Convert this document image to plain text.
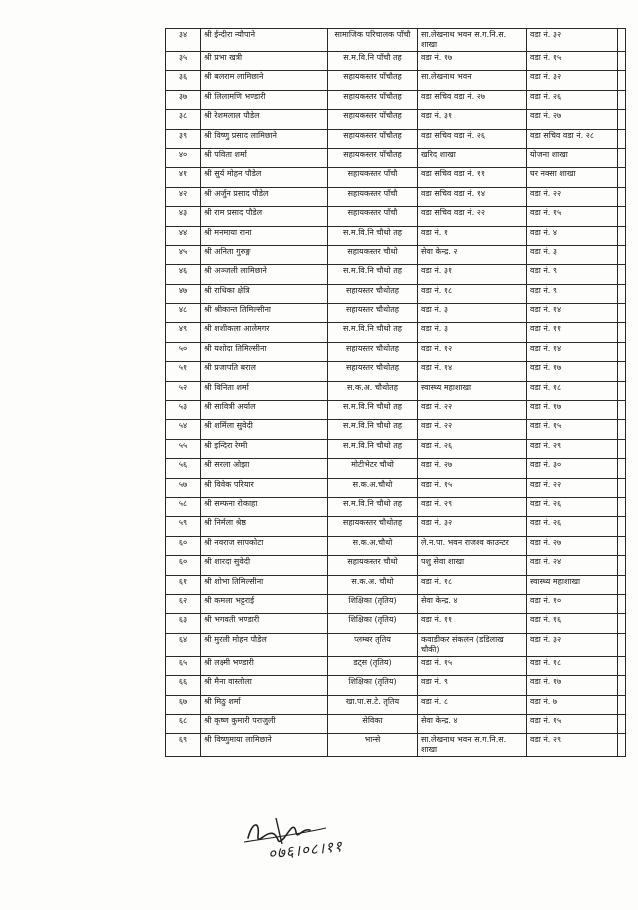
३४	श्री ईन्दीरा न्यौपाने	सामाजिक परिचालक पाँचौ	सा.लेखनाथ भवन स.ग.नि.स. शाखा	वडा नं. ३२	
३५	श्री प्रभा खत्री	स.म.वि.नि पाँचौ तह	वडा नं. १७	वडा नं. १५	
३६	श्री बलराम लामिछाने	सहायकस्तर पाँचौतह	सा.लेखनाथ भवन	वडा नं. ३२	
३७	श्री लिलामणि भण्डारी	सहायकस्तर पाँचौतह	वडा सचिव वडा नं. २७	वडा नं. २६	
३८	श्री रेशमलाल पौडेल	सहायकस्तर पाँचौतह	वडा नं. ३१	वडा नं. २७	
३९	श्री विष्णु प्रसाद लामिछाने	सहायकस्तर पाँचौतह	वडा सचिव वडा नं. २६	वडा सचिव वडा नं. २८	
४०	श्री पविता शर्मा	सहायकस्तर पाँचौतह	खरिद शाखा	योजना शाखा	
४१	श्री सुर्य मोहन पौडेल	सहायकस्तर पाँचौ	वडा सचिव वडा नं. ११	घर नक्सा शाखा	
४२	श्री अर्जुन प्रसाद पौडेल	सहायकस्तर पाँचौ	वडा सचिव वडा नं. १४	वडा नं. २२	
४३	श्री राम प्रसाद पौडेल	सहायकस्तर पाँचौ	वडा सचिव वडा नं. २२	वडा नं. १५	
४४	श्री मनमाया राना	स.म.वि.नि चौथो तह	वडा नं. १	वडा नं. ४	
४५	श्री अनिता गुरुङ्ग	सहायकस्तर चौथो	सेवा केन्द्र. २	वडा नं. ३	
४६	श्री अञ्जली लामिछाने	स.म.वि.नि चौथो तह	वडा नं. ३१	वडा नं. ९	
४७	श्री राधिका क्षेत्रि	सहायस्तर चौथोतह	वडा नं. १८	वडा नं. ९	
४८	श्री श्रीकान्त तिमिल्सीना	सहायस्तर चौथोतह	वडा नं. ३	वडा नं. १४	
४९	श्री शशीकला आलेमगर	स.म.वि.नि चौथो तह	वडा नं. ३	वडा नं. ११	
५०	श्री यशोदा तिमिल्सीना	सहायस्तर चौथोतह	वडा नं. १२	वडा नं. १४	
५१	श्री प्रजापति बराल	सहायस्तर चौथोतह	वडा नं. १४	वडा नं. १७	
५२	श्री विनिता शर्मा	स.क.अ. चौथोतह	स्वास्थ्य महाशाखा	वडा नं. १८	
५३	श्री सावित्री अर्याल	स.म.वि.नि चौथो तह	वडा नं. २२	वडा नं. १७	
५४	श्री शर्मिला सुवेदी	स.म.वि.नि चौथो तह	वडा नं. २२	वडा नं. १५	
५५	श्री इन्दिरा रेग्मी	स.म.वि.नि चौथो तह	वडा नं. २६	वडा नं. २९	
५६	श्री सरला ओझा	मोटीभेटर चौथो	वडा नं. २७	वडा नं. ३०	
५७	श्री विवेक परियार	स.क.अ.चौथो	वडा नं. १५	वडा नं. २२	
५८	श्री सम्फना रोकाहा	स.म.वि.नि चौथो तह	वडा नं. २९	वडा नं. २६	
५९	श्री निर्मला श्रेष्ठ	सहायकस्तर चौथोतह	वडा नं. ३२	वडा नं. २६	
६०	श्री नवराज सापकोटा	स.क.अ.चौथो	ले.न.पा. भवन राजश्व काउन्टर	वडा नं. २७	
६०	श्री शारदा सुवेदी	सहायकस्तर चौथो	पशु सेवा शाखा	वडा नं. २४	
६१	श्री शोभा तिमिल्सीना	स.क.अ. चौथो	वडा नं. १८	स्वास्थ्य महाशाखा	
६२	श्री कमला भट्टराई	शिक्षिका (तृतिय)	सेवा केन्द्र. ४	वडा नं. १०	
६३	श्री भगवती भण्डारी	शिक्षिका (तृतिय)	वडा नं. ११	वडा नं. १६	
६४	श्री मुरली मोहन पौडेल	प्लम्बर तृतिय	कवाडीकर संकलन (डडिलाख चौकी)	वडा नं. ३२	
६५	श्री लक्ष्मी भण्डारी	डट्स (तृतिय)	वडा नं. १५	वडा नं. १८	
६६	श्री मैना वास्तोला	शिक्षिका (तृतिय)	वडा नं. ९	वडा नं. १७	
६७	श्री मिठु शर्मा	खा.पा.स.टे. तृतिय	वडा नं. ८	वडा नं. ७	
६८	श्री कृष्ण कुमारी पराजुली	सेविका	सेवा केन्द्र. ४	वडा नं. १५	
६९	श्री विष्णुमाया लामिछाने	भान्से	सा.लेखनाथ भवन स.ग.नि.स. शाखा	वडा नं. २९	
०७६।०८।११
